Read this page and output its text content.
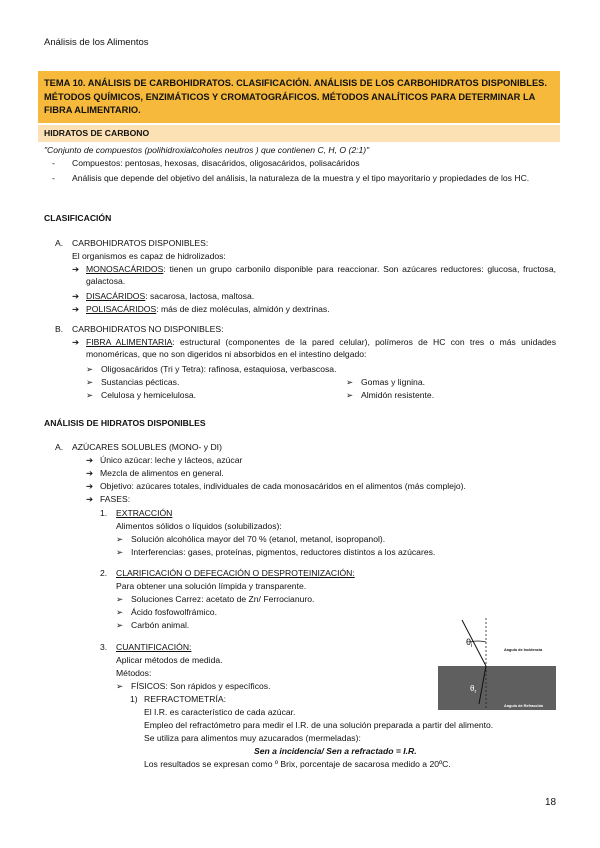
Análisis de los Alimentos
TEMA 10. ANÁLISIS DE CARBOHIDRATOS. CLASIFICACIÓN. ANÁLISIS DE LOS CARBOHIDRATOS DISPONIBLES. MÉTODOS QUÍMICOS, ENZIMÁTICOS Y CROMATOGRÁFICOS. MÉTODOS ANALÍTICOS PARA DETERMINAR LA FIBRA ALIMENTARIO.
HIDRATOS DE CARBONO
"Conjunto de compuestos (polihidroxialcoholes neutros ) que contienen C, H, O (2:1)"
- Compuestos: pentosas, hexosas, disacáridos, oligosacáridos, polisacáridos
- Análisis que depende del objetivo del análisis, la naturaleza de la muestra y el tipo mayoritario y propiedades de los HC.
CLASIFICACIÓN
A. CARBOHIDRATOS DISPONIBLES:
El organismos es capaz de hidrolizados:
➔ MONOSACÁRIDOS: tienen un grupo carbonilo disponible para reaccionar. Son azúcares reductores: glucosa, fructosa, galactosa.
➔ DISACÁRIDOS: sacarosa, lactosa, maltosa.
➔ POLISACÁRIDOS: más de diez moléculas, almidón y dextrinas.
B. CARBOHIDRATOS NO DISPONIBLES:
➔ FIBRA ALIMENTARIA: estructural (componentes de la pared celular), polímeros de HC con tres o más unidades monoméricas, que no son digeridos ni absorbidos en el intestino delgado:
➢ Oligosacáridos (Tri y Tetra): rafinosa, estaquiosa, verbascosa.
➢ Sustancias pécticas.	➢ Gomas y lignina.
➢ Celulosa y hemicelulosa.	➢ Almidón resistente.
ANÁLISIS DE HIDRATOS DISPONIBLES
A. AZÚCARES SOLUBLES (MONO- y DI)
➔ Único azúcar: leche y lácteos, azúcar
➔ Mezcla de alimentos en general.
➔ Objetivo: azúcares totales, individuales de cada monosacáridos en el alimentos (más complejo).
➔ FASES:
1. EXTRACCIÓN
Alimentos sólidos o líquidos (solubilizados):
➢ Solución alcohólica mayor del 70 % (etanol, metanol, isopropanol).
➢ Interferencias: gases, proteínas, pigmentos, reductores distintos a los azúcares.
2. CLARIFICACIÓN O DEFECACIÓN O DESPROTEINIZACIÓN:
Para obtener una solución límpida y transparente.
➢ Soluciones Carrez: acetato de Zn/ Ferrocianuro.
➢ Ácido fosfowolfrámico.
➢ Carbón animal.
3. CUANTIFICACIÓN:
Aplicar métodos de medida.
Métodos:
➢ FÍSICOS: Son rápidos y específicos.
1) REFRACTOMETRÍA:
El I.R. es característico de cada azúcar.
Empleo del refractómetro para medir el I.R. de una solución preparada a partir del alimento.
Se utiliza para alimentos muy azucarados (mermeladas):
Sen a incidencia/ Sen a refractado = I.R.
Los resultados se expresan como º Brix, porcentaje de sacarosa medido a 20ºC.
$\theta_i$
$\theta_r$
Angulo de Incidencia
Angulo de Refracción
18
